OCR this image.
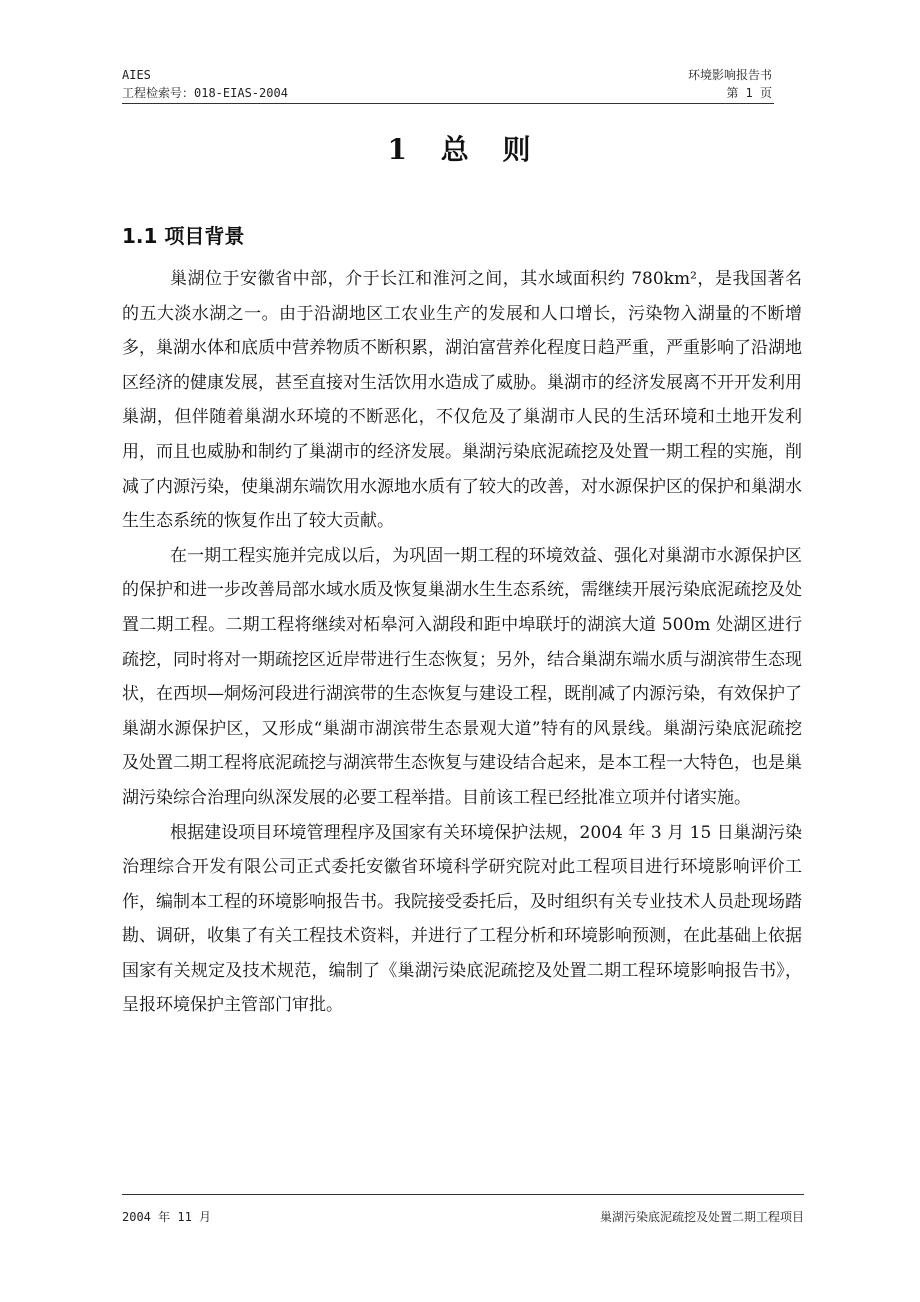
AIES
工程检索号：018-EIAS-2004
环境影响报告书
第 1 页
1 总 则
1.1 项目背景

巢湖位于安徽省中部，介于长江和淮河之间，其水域面积约 780km²，是我国著名的五大淡水湖之一。由于沿湖地区工农业生产的发展和人口增长，污染物入湖量的不断增多，巢湖水体和底质中营养物质不断积累，湖泊富营养化程度日趋严重，严重影响了沿湖地区经济的健康发展，甚至直接对生活饮用水造成了威胁。巢湖市的经济发展离不开开发利用巢湖，但伴随着巢湖水环境的不断恶化，不仅危及了巢湖市人民的生活环境和土地开发利用，而且也威胁和制约了巢湖市的经济发展。巢湖污染底泥疏挖及处置一期工程的实施，削减了内源污染，使巢湖东端饮用水源地水质有了较大的改善，对水源保护区的保护和巢湖水生生态系统的恢复作出了较大贡献。

在一期工程实施并完成以后，为巩固一期工程的环境效益、强化对巢湖市水源保护区的保护和进一步改善局部水域水质及恢复巢湖水生生态系统，需继续开展污染底泥疏挖及处置二期工程。二期工程将继续对柘皋河入湖段和距中埠联圩的湖滨大道 500m 处湖区进行疏挖，同时将对一期疏挖区近岸带进行生态恢复；另外，结合巢湖东端水质与湖滨带生态现状，在西坝—烔炀河段进行湖滨带的生态恢复与建设工程，既削减了内源污染，有效保护了巢湖水源保护区，又形成“巢湖市湖滨带生态景观大道”特有的风景线。巢湖污染底泥疏挖及处置二期工程将底泥疏挖与湖滨带生态恢复与建设结合起来，是本工程一大特色，也是巢湖污染综合治理向纵深发展的必要工程举措。目前该工程已经批准立项并付诸实施。

根据建设项目环境管理程序及国家有关环境保护法规，2004 年 3 月 15 日巢湖污染治理综合开发有限公司正式委托安徽省环境科学研究院对此工程项目进行环境影响评价工作，编制本工程的环境影响报告书。我院接受委托后，及时组织有关专业技术人员赴现场踏勘、调研，收集了有关工程技术资料，并进行了工程分析和环境影响预测，在此基础上依据国家有关规定及技术规范，编制了《巢湖污染底泥疏挖及处置二期工程环境影响报告书》，呈报环境保护主管部门审批。

2004 年 11 月	巢湖污染底泥疏挖及处置二期工程项目
